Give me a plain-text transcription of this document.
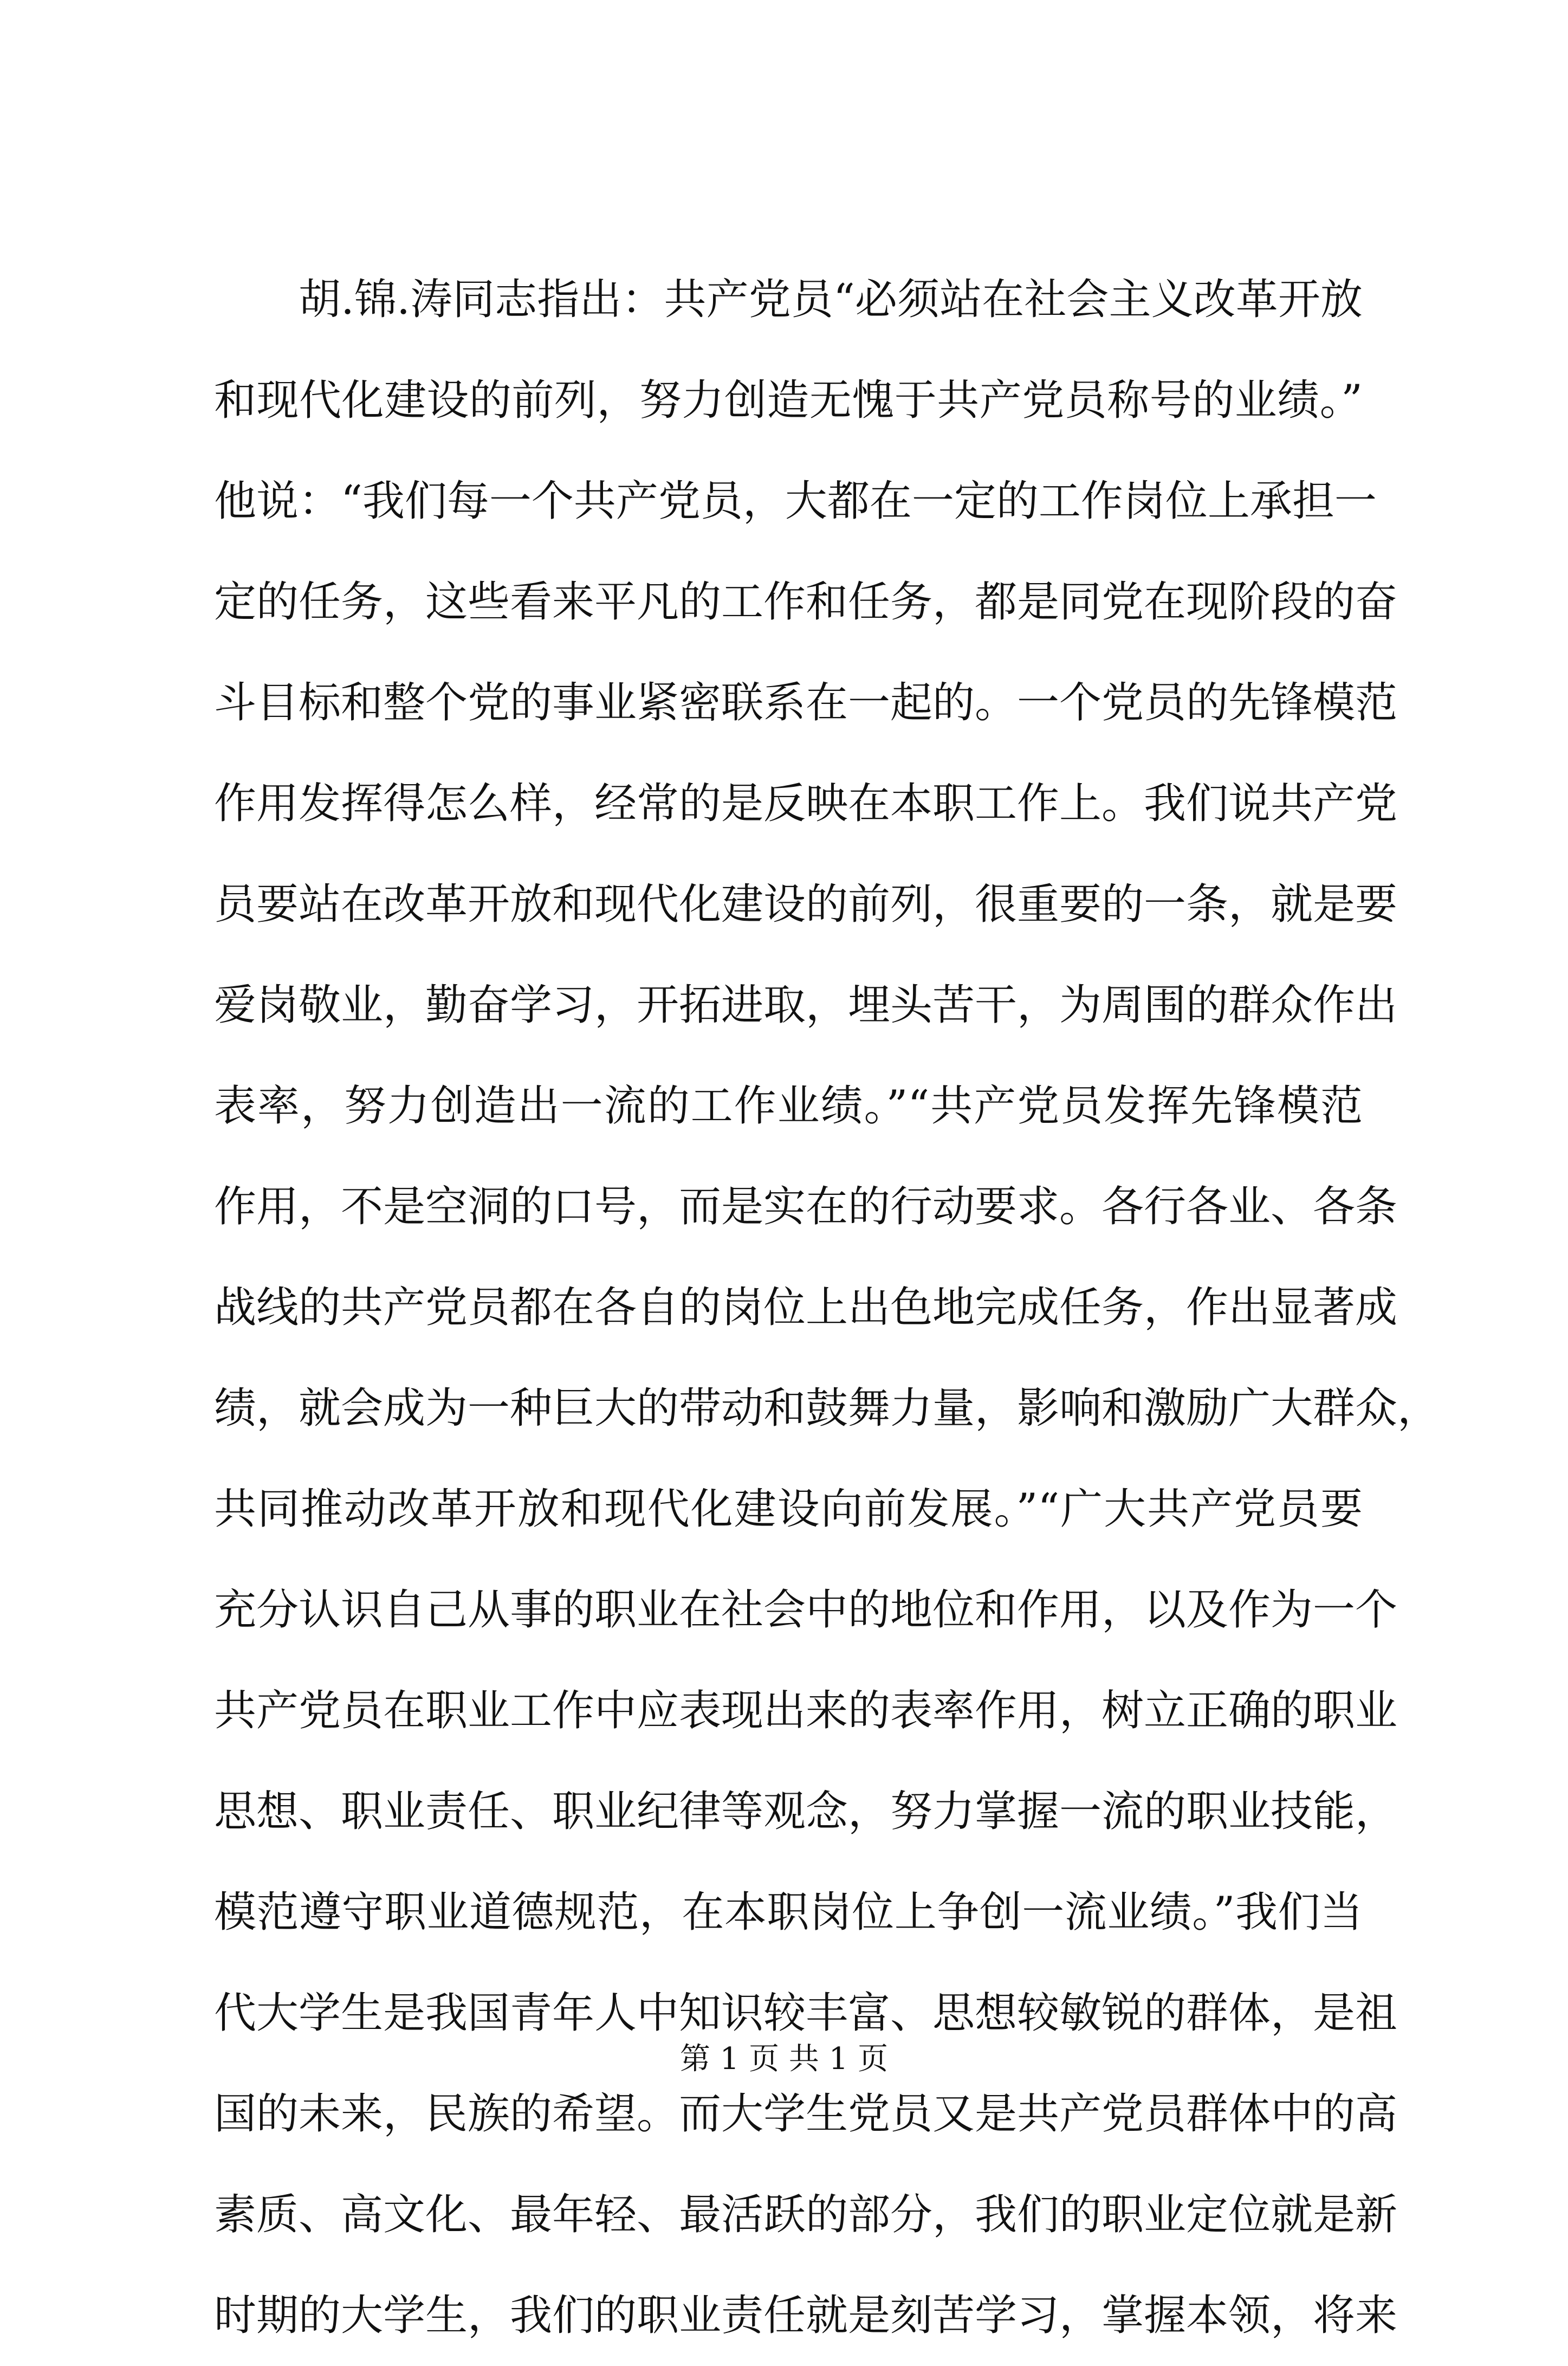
胡.锦.涛同志指出：共产党员“必须站在社会主义改革开放
和现代化建设的前列，努力创造无愧于共产党员称号的业绩。”
他说：“我们每一个共产党员，大都在一定的工作岗位上承担一
定的任务，这些看来平凡的工作和任务，都是同党在现阶段的奋
斗目标和整个党的事业紧密联系在一起的。一个党员的先锋模范
作用发挥得怎么样，经常的是反映在本职工作上。我们说共产党
员要站在改革开放和现代化建设的前列，很重要的一条，就是要
爱岗敬业，勤奋学习，开拓进取，埋头苦干，为周围的群众作出
表率，努力创造出一流的工作业绩。”“共产党员发挥先锋模范
作用，不是空洞的口号，而是实在的行动要求。各行各业、各条
战线的共产党员都在各自的岗位上出色地完成任务，作出显著成
绩，就会成为一种巨大的带动和鼓舞力量，影响和激励广大群众，
共同推动改革开放和现代化建设向前发展。”“广大共产党员要
充分认识自己从事的职业在社会中的地位和作用，以及作为一个
共产党员在职业工作中应表现出来的表率作用，树立正确的职业
思想、职业责任、职业纪律等观念，努力掌握一流的职业技能，
模范遵守职业道德规范，在本职岗位上争创一流业绩。”我们当
代大学生是我国青年人中知识较丰富、思想较敏锐的群体，是祖
国的未来，民族的希望。而大学生党员又是共产党员群体中的高
素质、高文化、最年轻、最活跃的部分，我们的职业定位就是新
时期的大学生，我们的职业责任就是刻苦学习，掌握本领，将来
第 1 页 共 1 页
